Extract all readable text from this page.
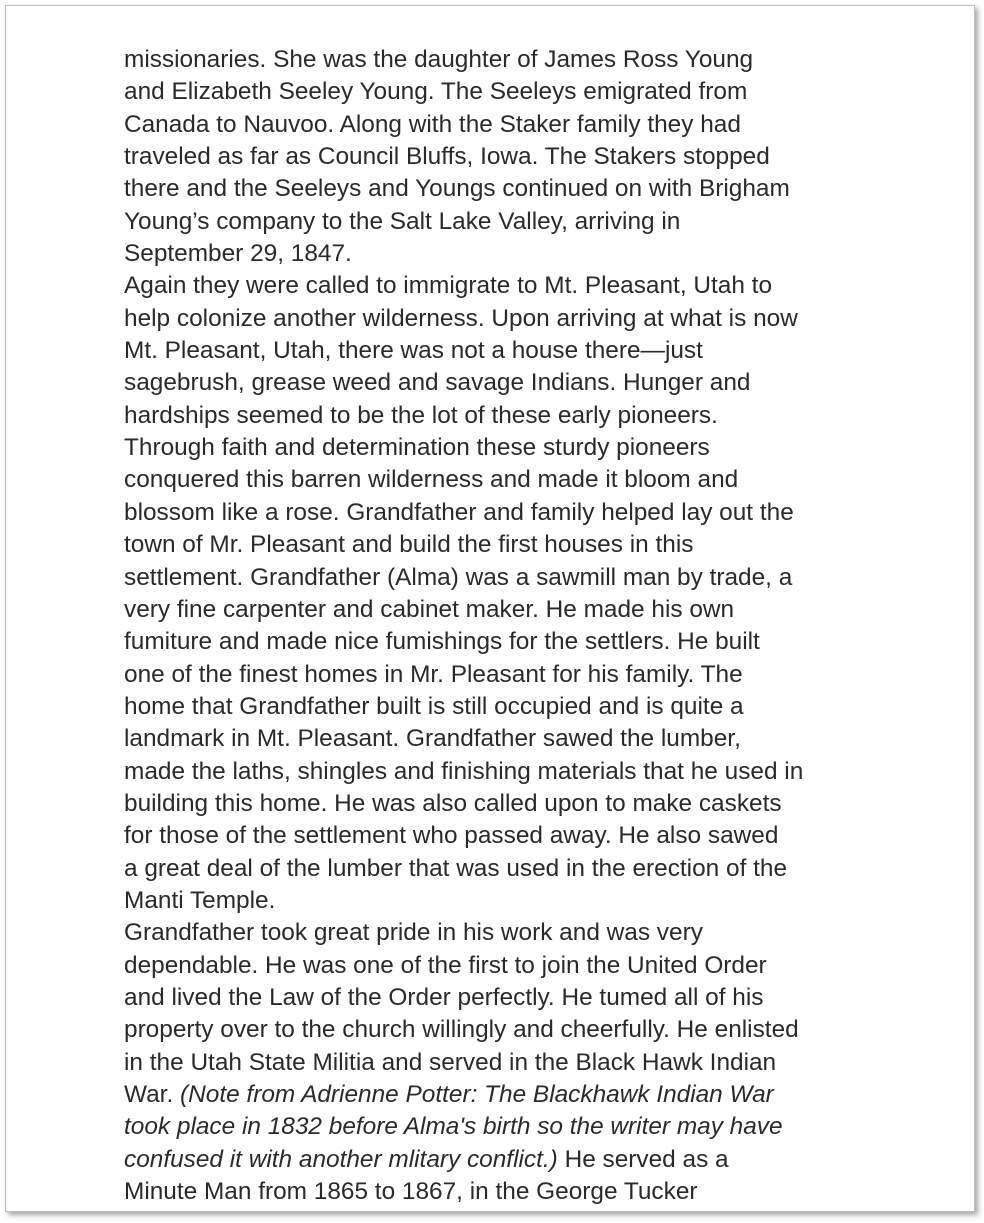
missionaries. She was the daughter of James Ross Young
and Elizabeth Seeley Young. The Seeleys emigrated from
Canada to Nauvoo. Along with the Staker family they had
traveled as far as Council Bluffs, Iowa. The Stakers stopped
there and the Seeleys and Youngs continued on with Brigham
Young’s company to the Salt Lake Valley, arriving in
September 29, 1847.

Again they were called to immigrate to Mt. Pleasant, Utah to
help colonize another wilderness. Upon arriving at what is now
Mt. Pleasant, Utah, there was not a house there—just
sagebrush, grease weed and savage Indians. Hunger and
hardships seemed to be the lot of these early pioneers.
Through faith and determination these sturdy pioneers
conquered this barren wilderness and made it bloom and
blossom like a rose. Grandfather and family helped lay out the
town of Mr. Pleasant and build the first houses in this
settlement. Grandfather (Alma) was a sawmill man by trade, a
very fine carpenter and cabinet maker. He made his own
fumiture and made nice fumishings for the settlers. He built
one of the finest homes in Mr. Pleasant for his family. The
home that Grandfather built is still occupied and is quite a
landmark in Mt. Pleasant. Grandfather sawed the lumber,
made the laths, shingles and finishing materials that he used in
building this home. He was also called upon to make caskets
for those of the settlement who passed away. He also sawed
a great deal of the lumber that was used in the erection of the
Manti Temple.

Grandfather took great pride in his work and was very
dependable. He was one of the first to join the United Order
and lived the Law of the Order perfectly. He tumed all of his
property over to the church willingly and cheerfully. He enlisted
in the Utah State Militia and served in the Black Hawk Indian
War. (Note from Adrienne Potter: The Blackhawk Indian War
took place in 1832 before Alma's birth so the writer may have
confused it with another mlitary conflict.) He served as a
Minute Man from 1865 to 1867, in the George Tucker
